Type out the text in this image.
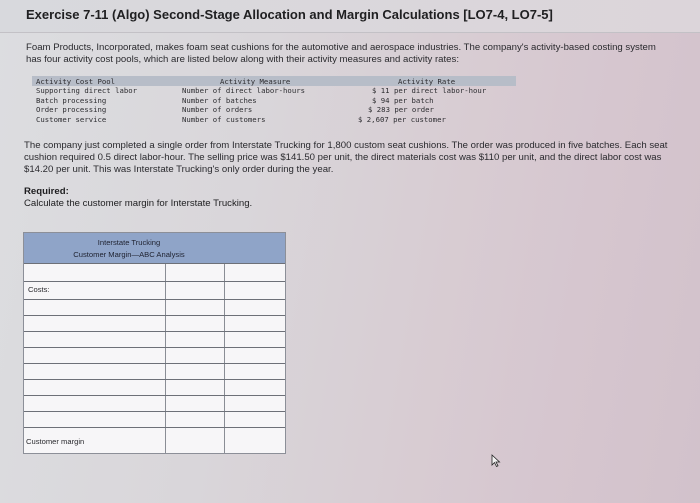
Exercise 7-11 (Algo) Second-Stage Allocation and Margin Calculations [LO7-4, LO7-5]
Foam Products, Incorporated, makes foam seat cushions for the automotive and aerospace industries. The company's activity-based costing system has four activity cost pools, which are listed below along with their activity measures and activity rates:
Activity Cost Pool	Activity Measure	Activity Rate
Supporting direct labor	Number of direct labor-hours	$ 11 per direct labor-hour
Batch processing	Number of batches	$ 94 per batch
Order processing	Number of orders	$ 283 per order
Customer service	Number of customers	$ 2,607 per customer
The company just completed a single order from Interstate Trucking for 1,800 custom seat cushions. The order was produced in five batches. Each seat cushion required 0.5 direct labor-hour. The selling price was $141.50 per unit, the direct materials cost was $110 per unit, and the direct labor cost was $14.20 per unit. This was Interstate Trucking's only order during the year.
Required:
Calculate the customer margin for Interstate Trucking.
Interstate Trucking
Customer Margin—ABC Analysis
Costs:
Customer margin
